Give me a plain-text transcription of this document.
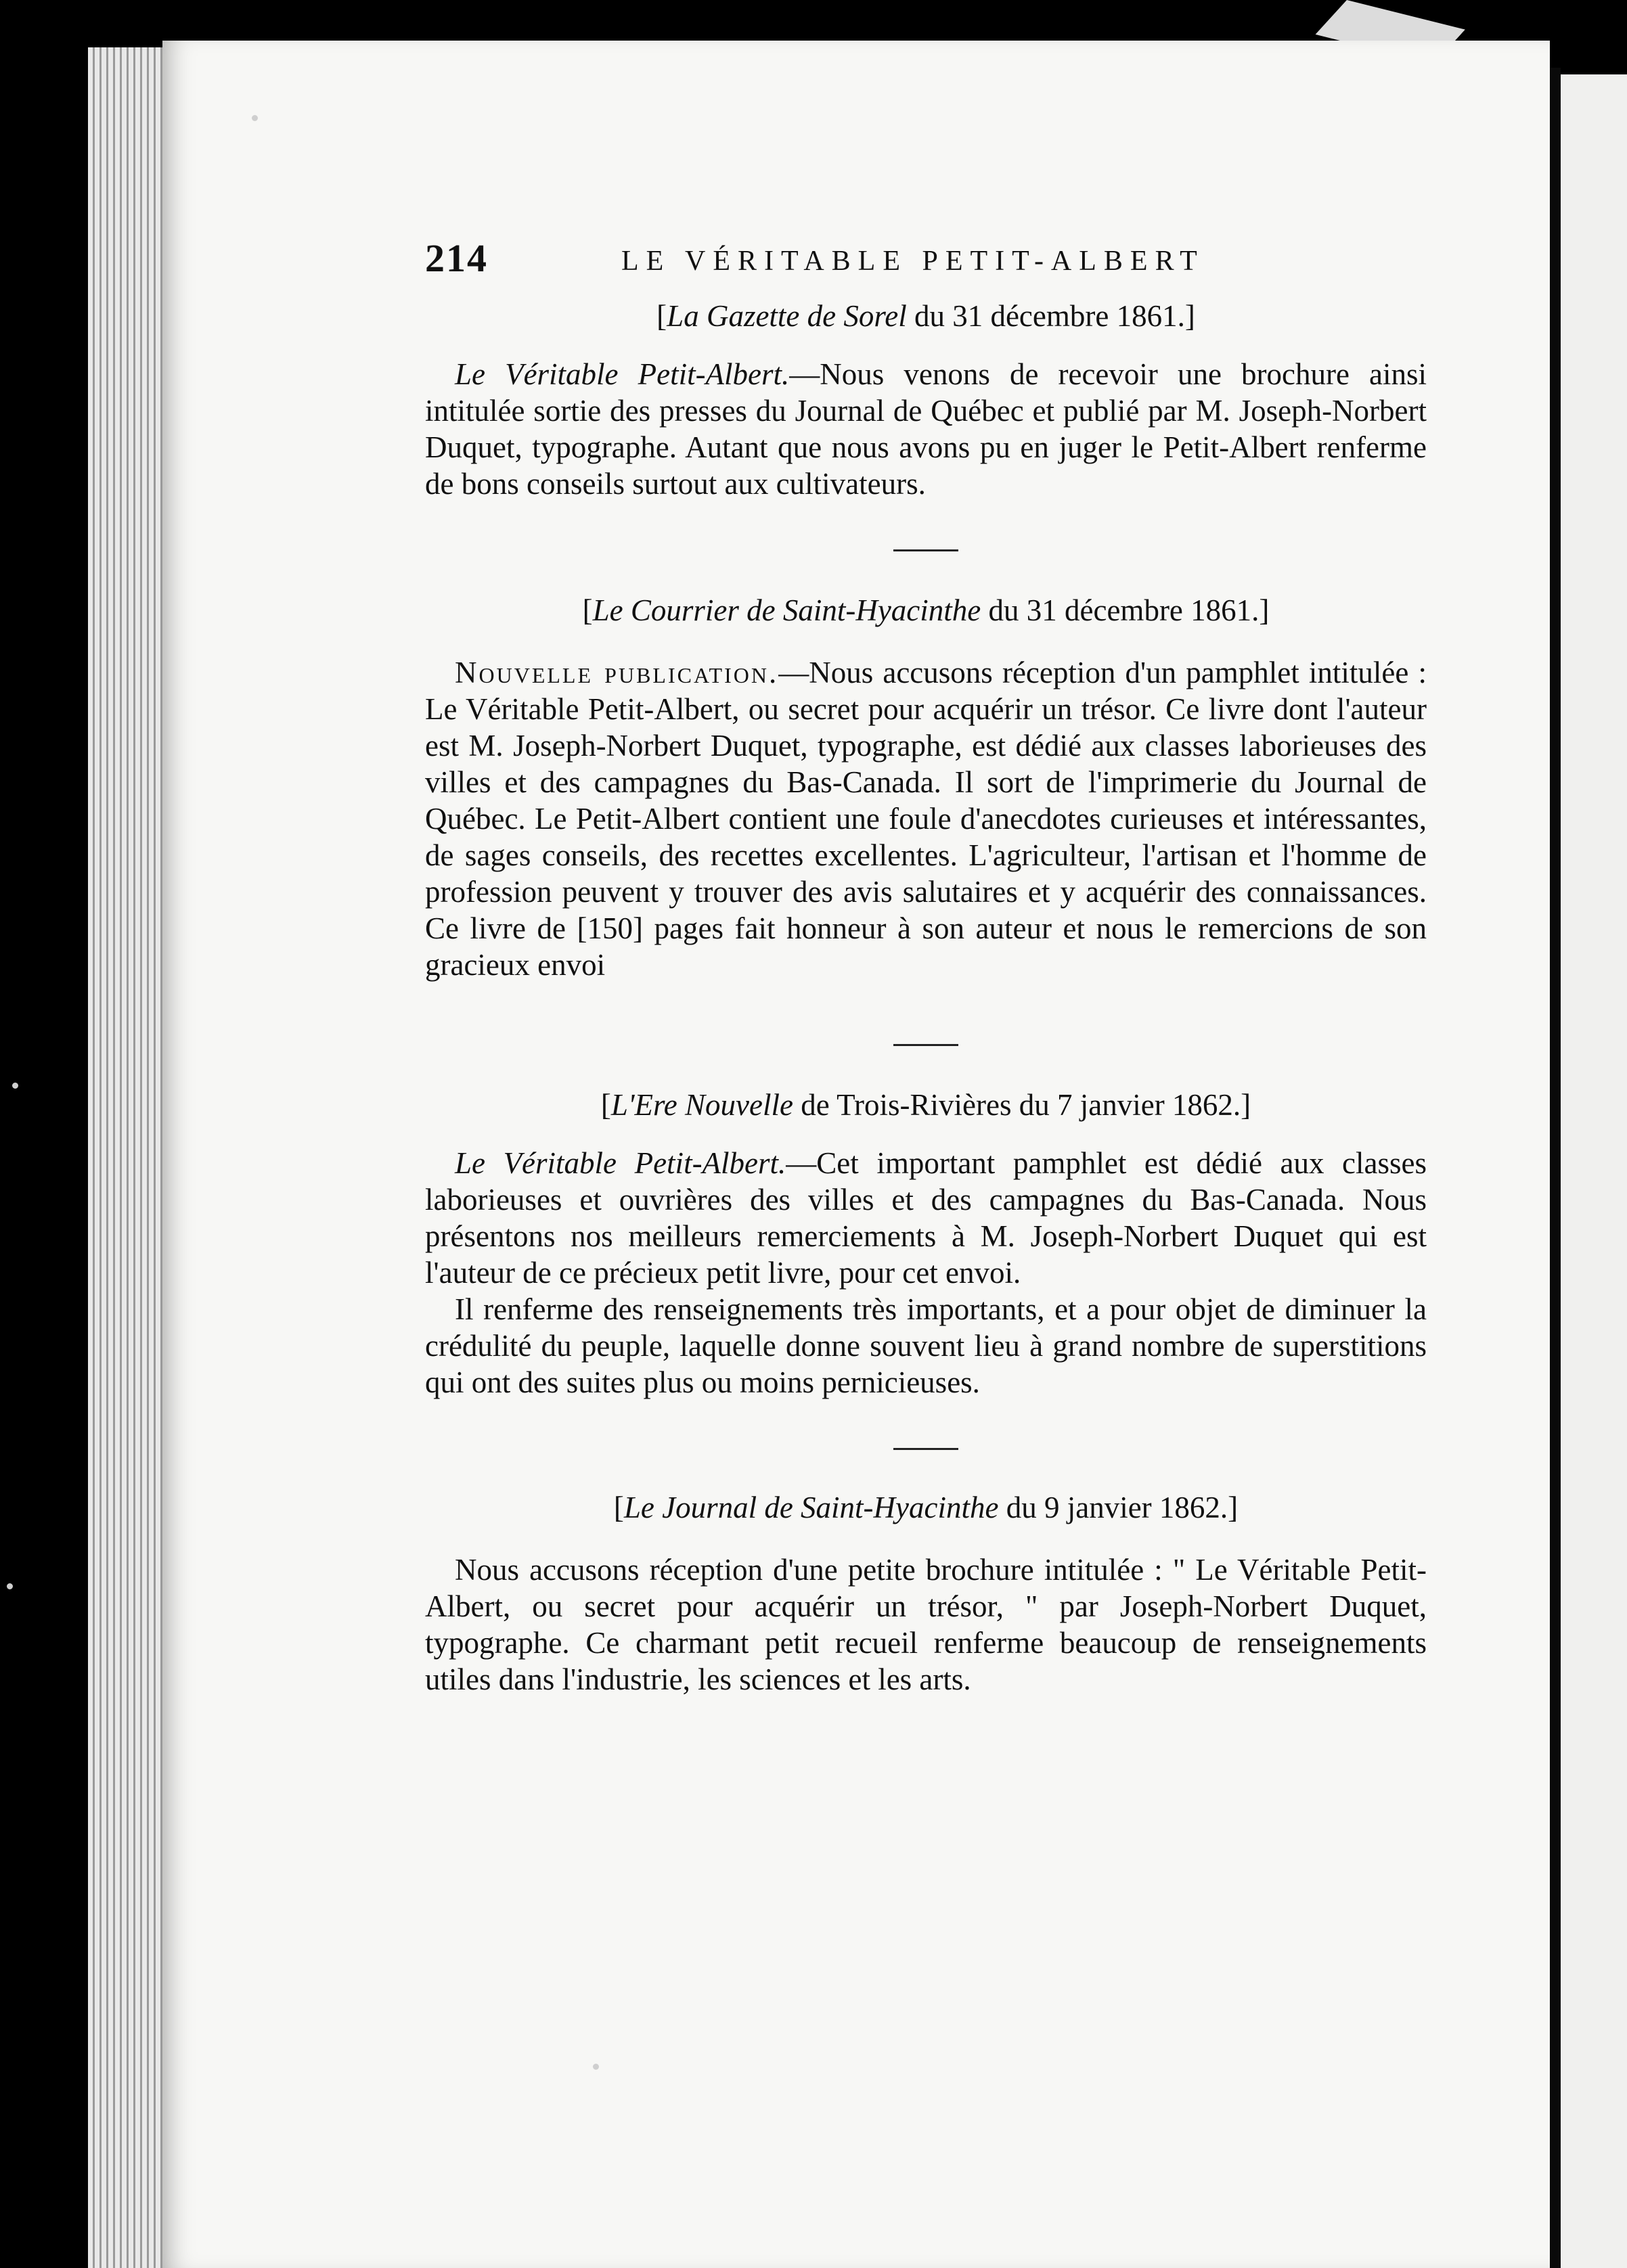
214	LE VÉRITABLE PETIT-ALBERT

[La Gazette de Sorel du 31 décembre 1861.]

Le Véritable Petit-Albert.—Nous venons de recevoir une brochure ainsi intitulée sortie des presses du Journal de Québec et publié par M. Joseph-Norbert Duquet, typographe. Autant que nous avons pu en juger le Petit-Albert renferme de bons conseils surtout aux cultivateurs.

[Le Courrier de Saint-Hyacinthe du 31 décembre 1861.]

Nouvelle publication.—Nous accusons réception d'un pamphlet intitulée : Le Véritable Petit-Albert, ou secret pour acquérir un trésor. Ce livre dont l'auteur est M. Joseph-Norbert Duquet, typographe, est dédié aux classes laborieuses des villes et des campagnes du Bas-Canada. Il sort de l'imprimerie du Journal de Québec. Le Petit-Albert contient une foule d'anecdotes curieuses et intéressantes, de sages conseils, des recettes excellentes. L'agriculteur, l'artisan et l'homme de profession peuvent y trouver des avis salutaires et y acquérir des connaissances. Ce livre de [150] pages fait honneur à son auteur et nous le remercions de son gracieux envoi

[L'Ere Nouvelle de Trois-Rivières du 7 janvier 1862.]

Le Véritable Petit-Albert.—Cet important pamphlet est dédié aux classes laborieuses et ouvrières des villes et des campagnes du Bas-Canada. Nous présentons nos meilleurs remerciements à M. Joseph-Norbert Duquet qui est l'auteur de ce précieux petit livre, pour cet envoi.

Il renferme des renseignements très importants, et a pour objet de diminuer la crédulité du peuple, laquelle donne souvent lieu à grand nombre de superstitions qui ont des suites plus ou moins pernicieuses.

[Le Journal de Saint-Hyacinthe du 9 janvier 1862.]

Nous accusons réception d'une petite brochure intitulée : " Le Véritable Petit-Albert, ou secret pour acquérir un trésor, " par Joseph-Norbert Duquet, typographe. Ce charmant petit recueil renferme beaucoup de renseignements utiles dans l'industrie, les sciences et les arts.
